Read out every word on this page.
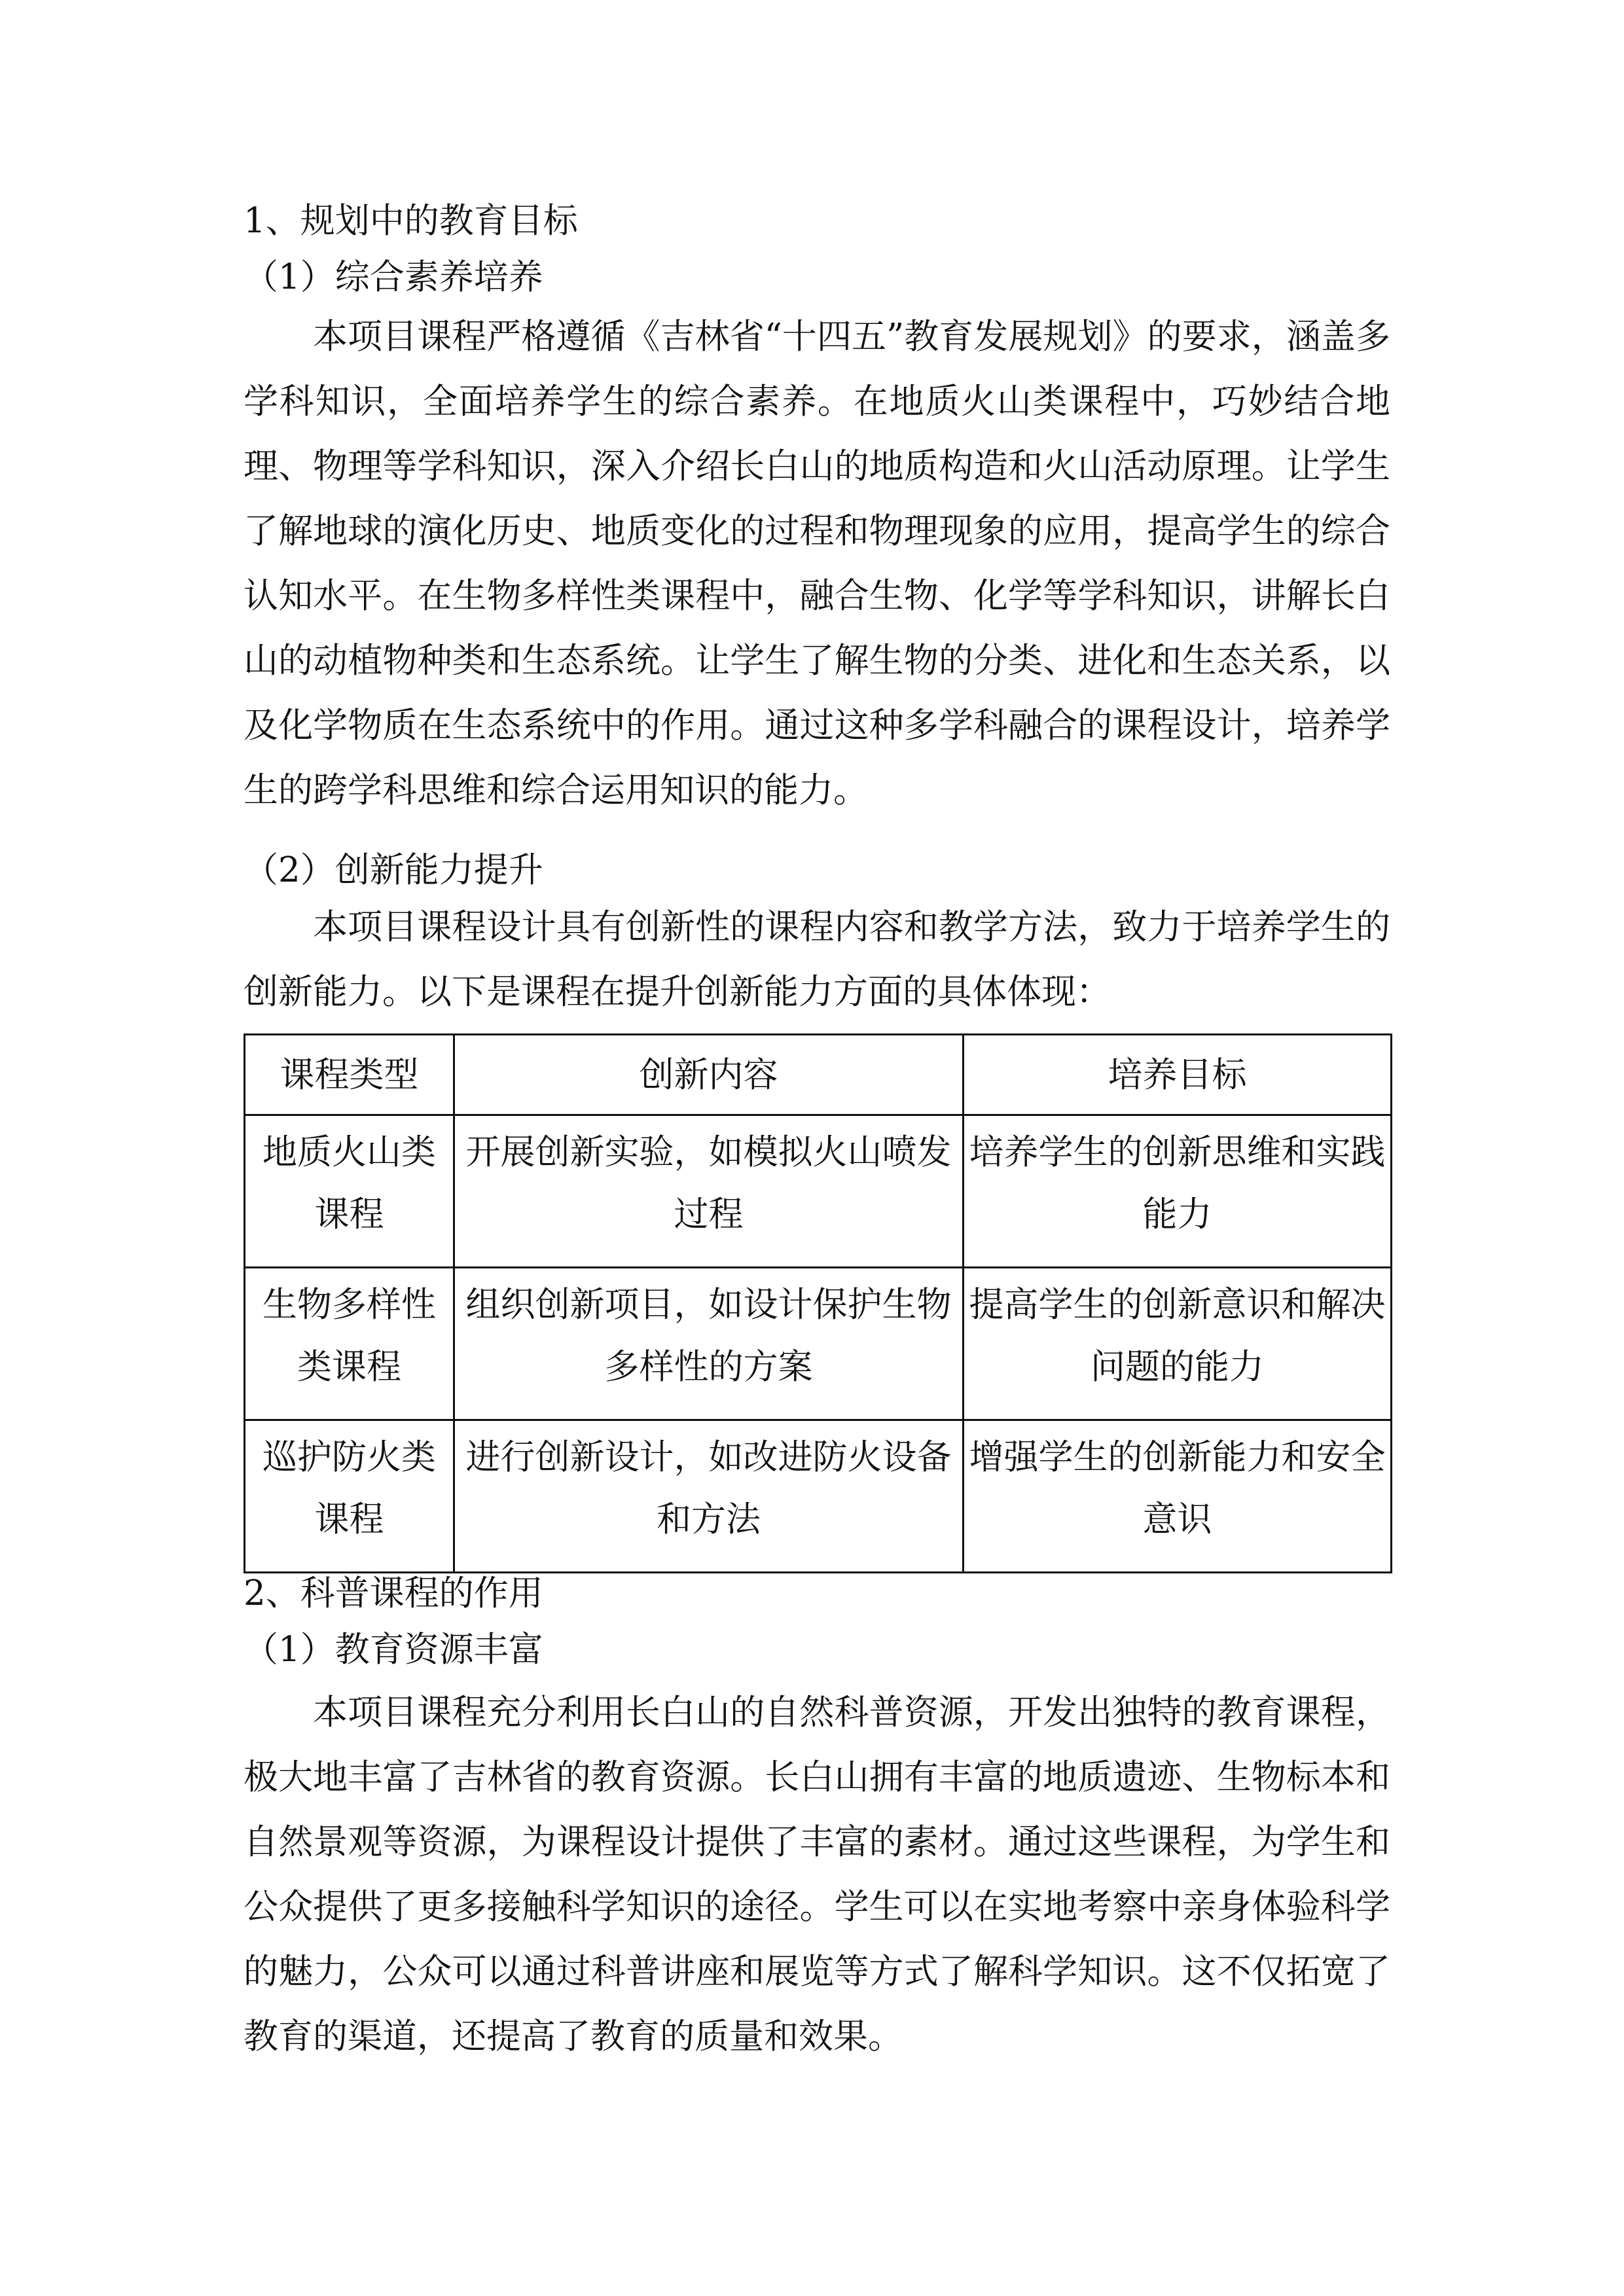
1、规划中的教育目标
（1）综合素养培养

本项目课程严格遵循《吉林省“十四五”教育发展规划》的要求，涵盖多学科知识，全面培养学生的综合素养。在地质火山类课程中，巧妙结合地理、物理等学科知识，深入介绍长白山的地质构造和火山活动原理。让学生了解地球的演化历史、地质变化的过程和物理现象的应用，提高学生的综合认知水平。在生物多样性类课程中，融合生物、化学等学科知识，讲解长白山的动植物种类和生态系统。让学生了解生物的分类、进化和生态关系，以及化学物质在生态系统中的作用。通过这种多学科融合的课程设计，培养学生的跨学科思维和综合运用知识的能力。

（2）创新能力提升

本项目课程设计具有创新性的课程内容和教学方法，致力于培养学生的创新能力。以下是课程在提升创新能力方面的具体体现：

课程类型	创新内容	培养目标
地质火山类课程	开展创新实验，如模拟火山喷发过程	培养学生的创新思维和实践能力
生物多样性类课程	组织创新项目，如设计保护生物多样性的方案	提高学生的创新意识和解决问题的能力
巡护防火类课程	进行创新设计，如改进防火设备和方法	增强学生的创新能力和安全意识
2、科普课程的作用
（1）教育资源丰富

本项目课程充分利用长白山的自然科普资源，开发出独特的教育课程，极大地丰富了吉林省的教育资源。长白山拥有丰富的地质遗迹、生物标本和自然景观等资源，为课程设计提供了丰富的素材。通过这些课程，为学生和公众提供了更多接触科学知识的途径。学生可以在实地考察中亲身体验科学的魅力，公众可以通过科普讲座和展览等方式了解科学知识。这不仅拓宽了教育的渠道，还提高了教育的质量和效果。
